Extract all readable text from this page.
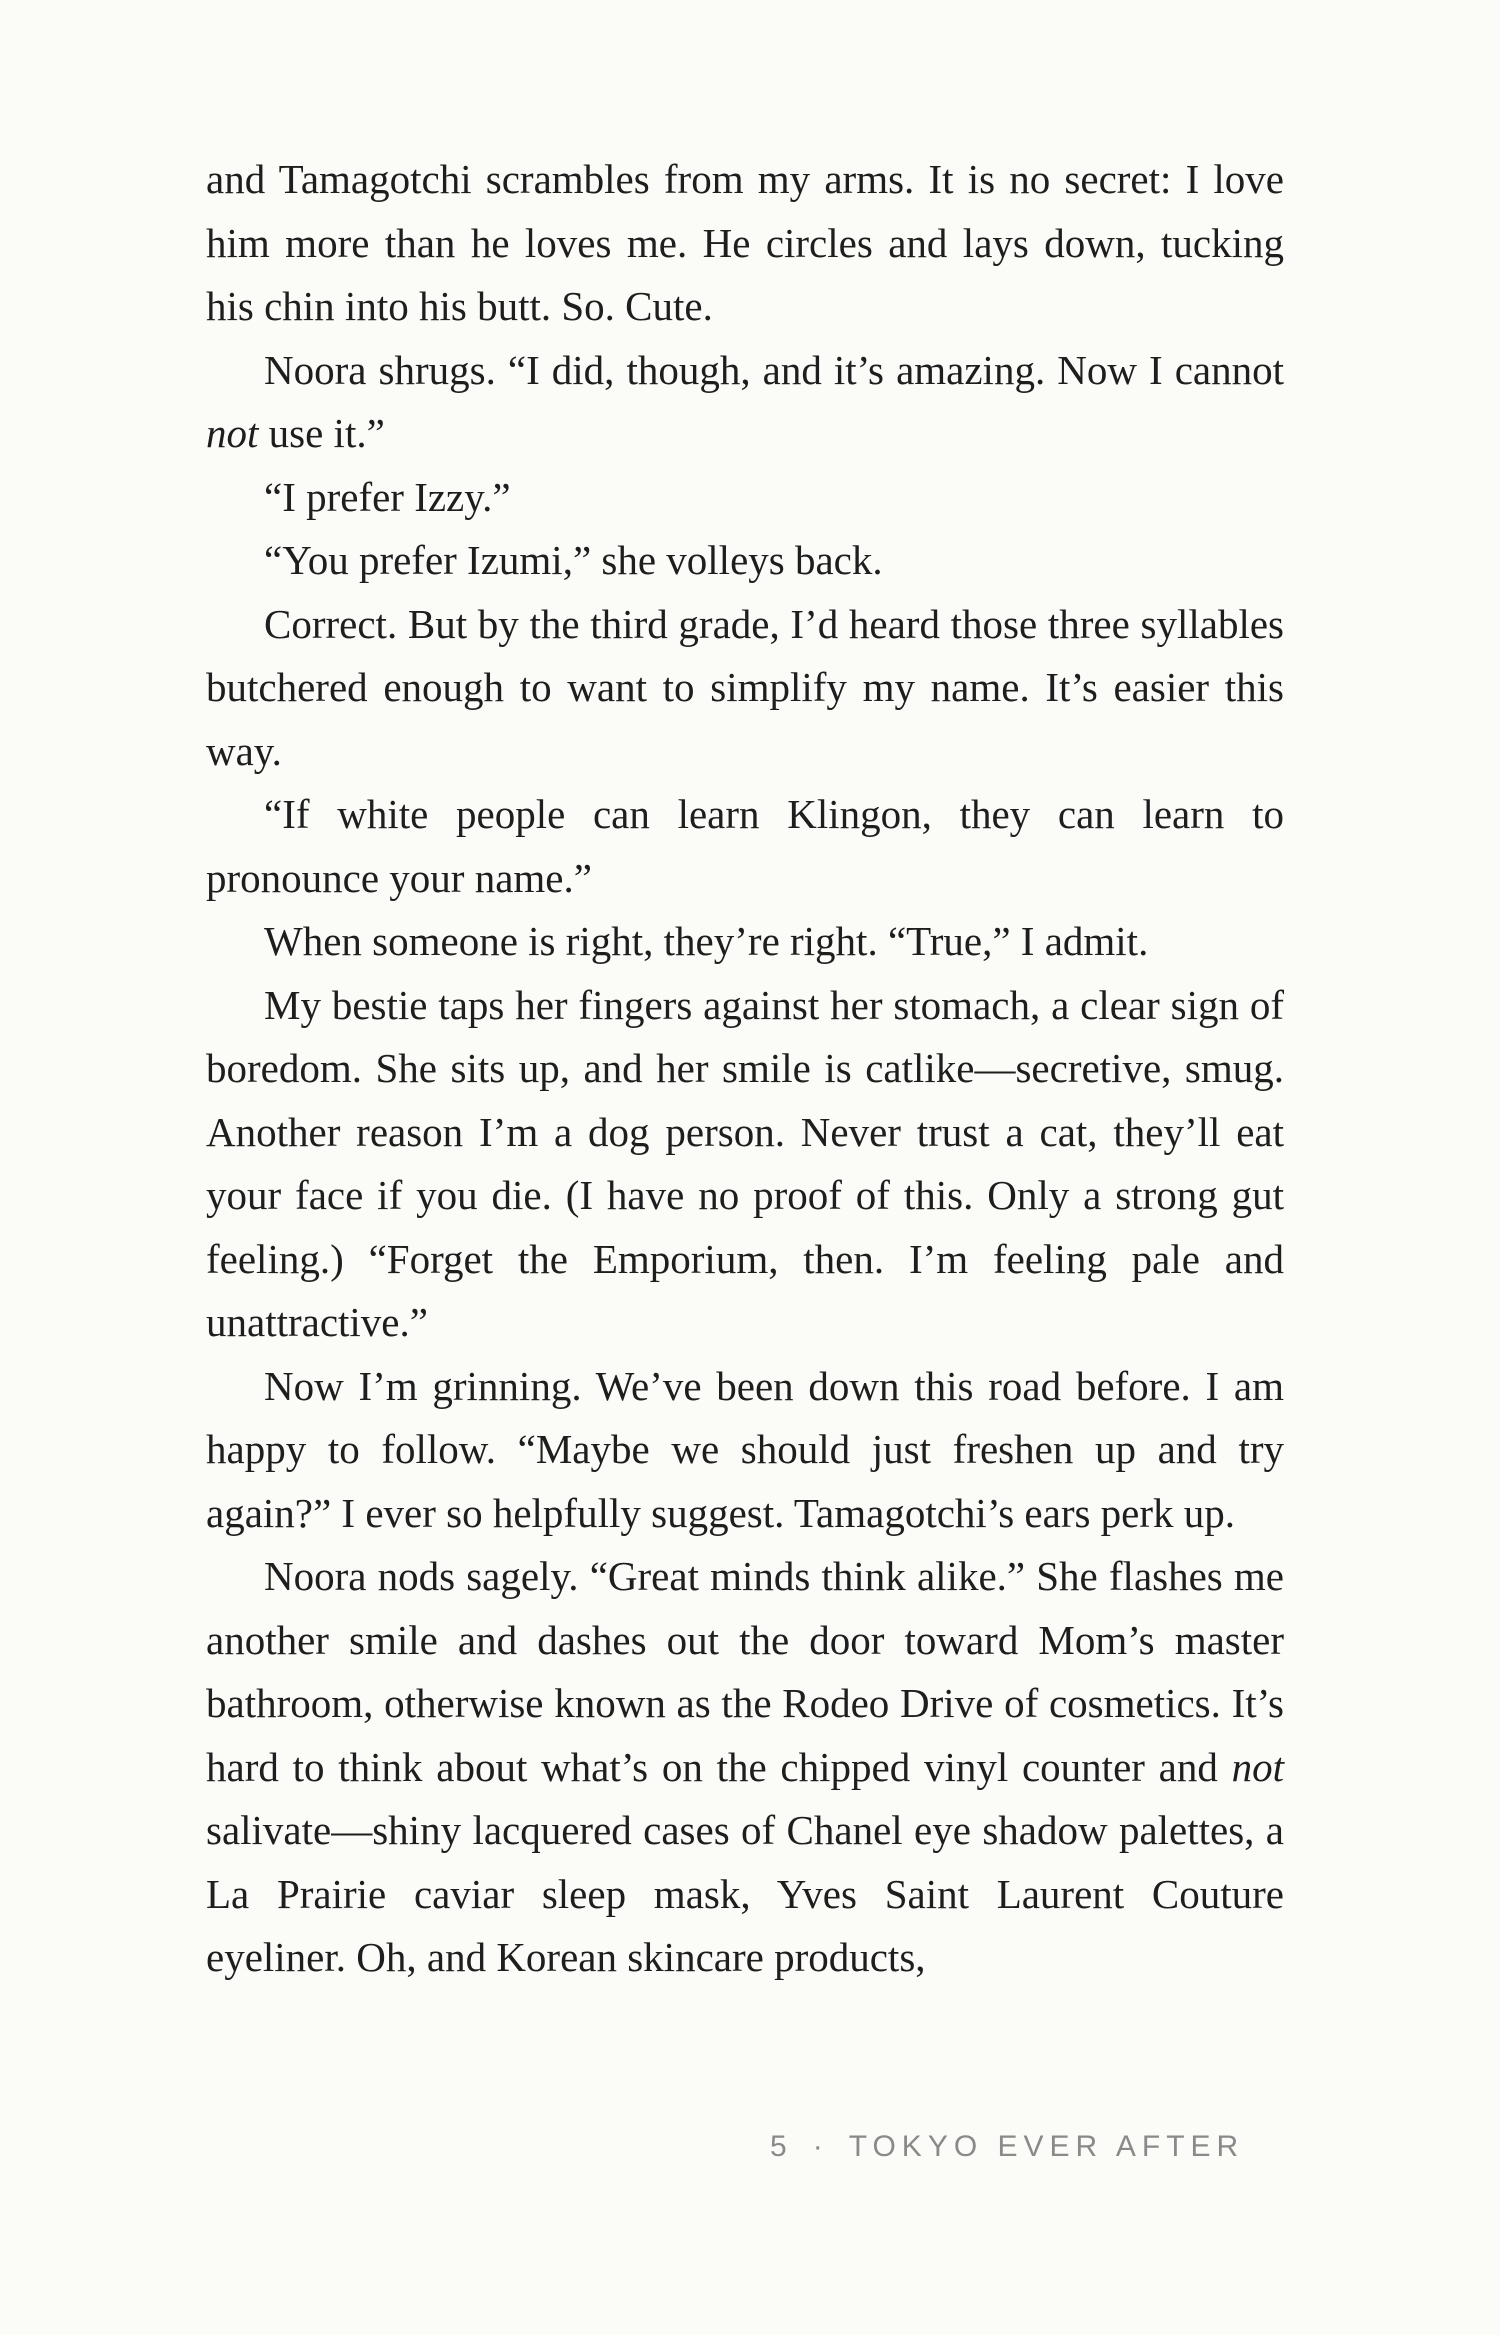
and Tamagotchi scrambles from my arms. It is no secret: I love him more than he loves me. He circles and lays down, tucking his chin into his butt. So. Cute.

Noora shrugs. “I did, though, and it’s amazing. Now I cannot not use it.”

“I prefer Izzy.”

“You prefer Izumi,” she volleys back.

Correct. But by the third grade, I’d heard those three syllables butchered enough to want to simplify my name. It’s easier this way.

“If white people can learn Klingon, they can learn to pronounce your name.”

When someone is right, they’re right. “True,” I admit.

My bestie taps her fingers against her stomach, a clear sign of boredom. She sits up, and her smile is catlike—secretive, smug. Another reason I’m a dog person. Never trust a cat, they’ll eat your face if you die. (I have no proof of this. Only a strong gut feeling.) “Forget the Emporium, then. I’m feeling pale and unattractive.”

Now I’m grinning. We’ve been down this road before. I am happy to follow. “Maybe we should just freshen up and try again?” I ever so helpfully suggest. Tamagotchi’s ears perk up.

Noora nods sagely. “Great minds think alike.” She flashes me another smile and dashes out the door toward Mom’s master bathroom, otherwise known as the Rodeo Drive of cosmetics. It’s hard to think about what’s on the chipped vinyl counter and not salivate—shiny lacquered cases of Chanel eye shadow palettes, a La Prairie caviar sleep mask, Yves Saint Laurent Couture eyeliner. Oh, and Korean skincare products,

5 · TOKYO EVER AFTER
